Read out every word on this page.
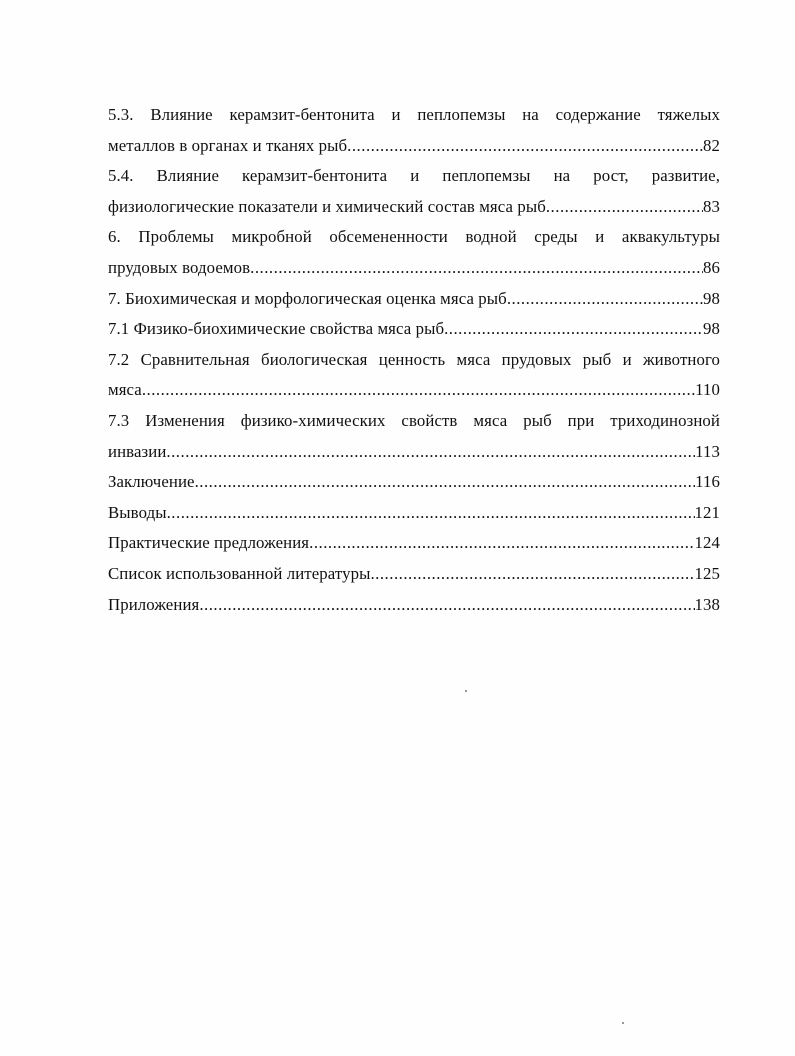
5.3. Влияние керамзит-бентонита и пеплопемзы на содержание тяжелых
металлов в органах и тканях рыб .....	82
5.4. Влияние керамзит-бентонита и пеплопемзы на рост, развитие,
физиологические показатели и химический состав мяса рыб .....	83
6. Проблемы микробной обсемененности водной среды и аквакультуры
прудовых водоемов .....	86
7. Биохимическая и морфологическая оценка мяса рыб .....	98
7.1 Физико-биохимические свойства мяса рыб .....	98
7.2 Сравнительная биологическая ценность мяса прудовых рыб и животного
мяса .....	110
7.3 Изменения физико-химических свойств мяса рыб при триходинозной
инвазии .....	113
Заключение .....	116
Выводы .....	121
Практические предложения .....	124
Список использованной литературы .....	125
Приложения .....	138
